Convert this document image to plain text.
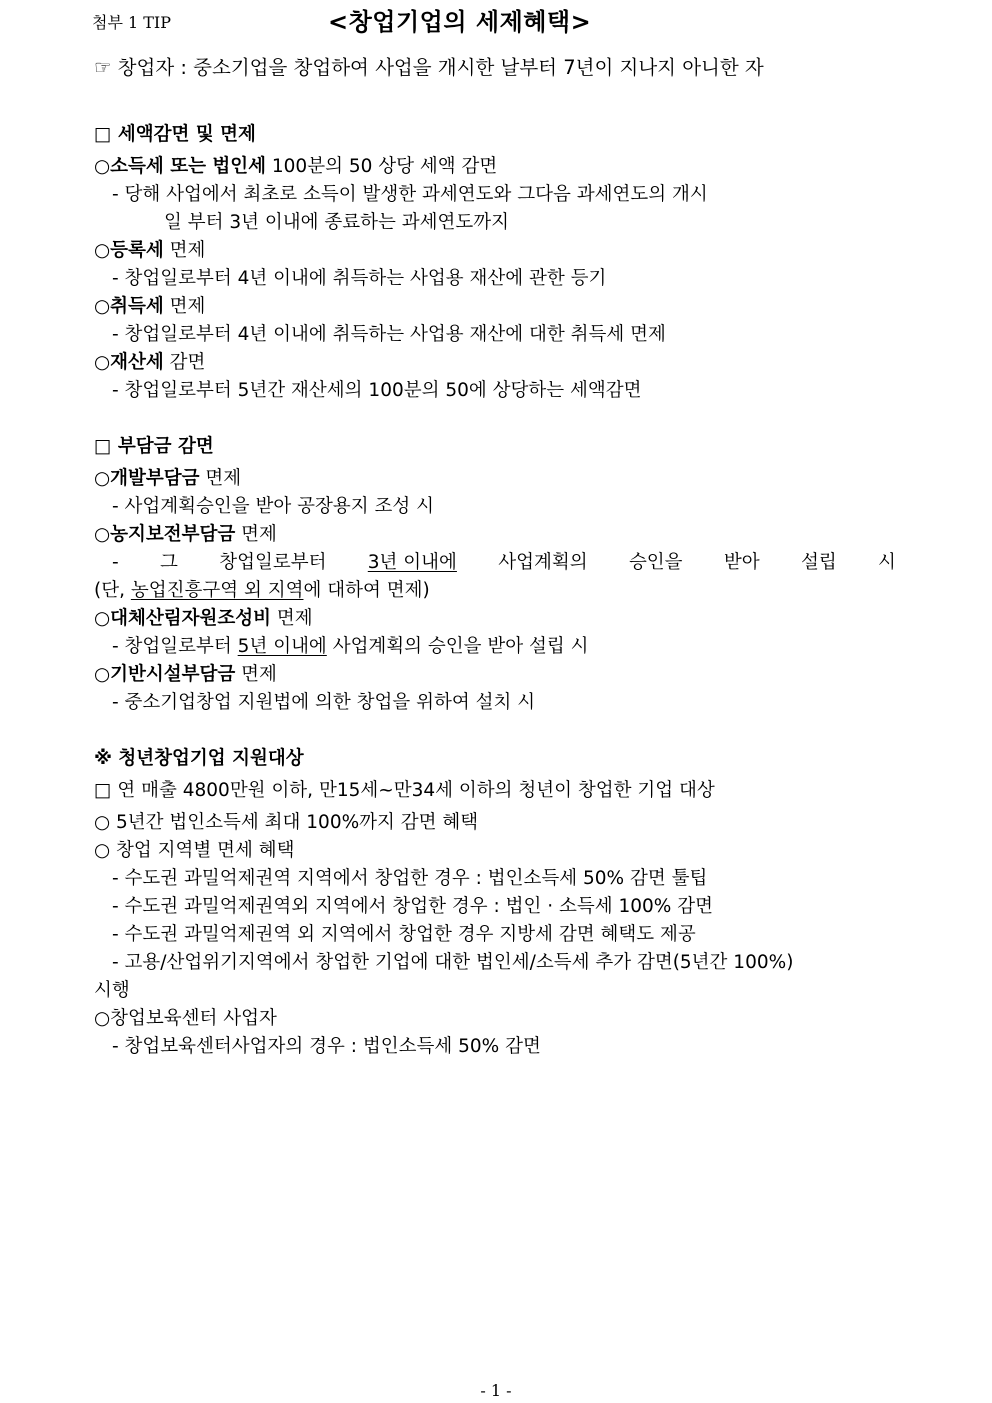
첨부 1 TIP	<창업기업의 세제혜택>
☞ 창업자 : 중소기업을 창업하여 사업을 개시한 날부터 7년이 지나지 아니한 자
□ 세액감면 및 면제
○소득세 또는 법인세 100분의 50 상당 세액 감면
- 당해 사업에서 최초로 소득이 발생한 과세연도와 그다음 과세연도의 개시
일 부터 3년 이내에 종료하는 과세연도까지
○등록세 면제
- 창업일로부터 4년 이내에 취득하는 사업용 재산에 관한 등기
○취득세 면제
- 창업일로부터 4년 이내에 취득하는 사업용 재산에 대한 취득세 면제
○재산세 감면
- 창업일로부터 5년간 재산세의 100분의 50에 상당하는 세액감면
□ 부담금 감면
○개발부담금 면제
- 사업계획승인을 받아 공장용지 조성 시
○농지보전부담금 면제
- 그 창업일로부터 3년 이내에 사업계획의 승인을 받아 설립 시
(단, 농업진흥구역 외 지역에 대하여 면제)
○대체산림자원조성비 면제
- 창업일로부터 5년 이내에 사업계획의 승인을 받아 설립 시
○기반시설부담금 면제
- 중소기업창업 지원법에 의한 창업을 위하여 설치 시
※ 청년창업기업 지원대상
□ 연 매출 4800만원 이하, 만15세~만34세 이하의 청년이 창업한 기업 대상
○ 5년간 법인소득세 최대 100%까지 감면 혜택
○ 창업 지역별 면세 혜택
- 수도권 과밀억제권역 지역에서 창업한 경우 : 법인소득세 50% 감면 툴팁
- 수도권 과밀억제권역외 지역에서 창업한 경우 : 법인 · 소득세 100% 감면
- 수도권 과밀억제권역 외 지역에서 창업한 경우 지방세 감면 혜택도 제공
- 고용/산업위기지역에서 창업한 기업에 대한 법인세/소득세 추가 감면(5년간 100%)
시행
○창업보육센터 사업자
- 창업보육센터사업자의 경우 : 법인소득세 50% 감면
- 1 -
